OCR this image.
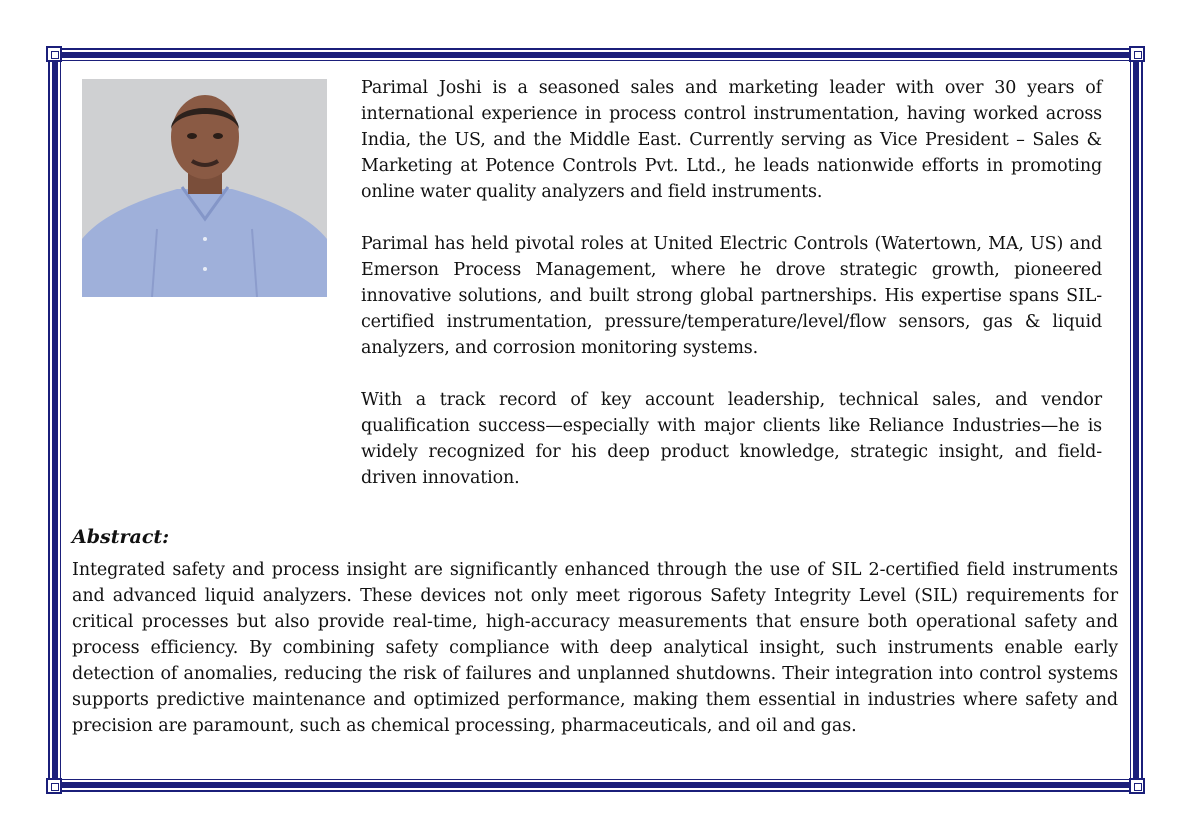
Parimal Joshi is a seasoned sales and marketing leader with over 30 years of international experience in process control instrumentation, having worked across India, the US, and the Middle East. Currently serving as Vice President – Sales & Marketing at Potence Controls Pvt. Ltd., he leads nationwide efforts in promoting online water quality analyzers and field instruments.

Parimal has held pivotal roles at United Electric Controls (Watertown, MA, US) and Emerson Process Management, where he drove strategic growth, pioneered innovative solutions, and built strong global partnerships. His expertise spans SIL-certified instrumentation, pressure/temperature/level/flow sensors, gas & liquid analyzers, and corrosion monitoring systems.

With a track record of key account leadership, technical sales, and vendor qualification success—especially with major clients like Reliance Industries—he is widely recognized for his deep product knowledge, strategic insight, and field-driven innovation.

Abstract:

Integrated safety and process insight are significantly enhanced through the use of SIL 2-certified field instruments and advanced liquid analyzers. These devices not only meet rigorous Safety Integrity Level (SIL) requirements for critical processes but also provide real-time, high-accuracy measurements that ensure both operational safety and process efficiency. By combining safety compliance with deep analytical insight, such instruments enable early detection of anomalies, reducing the risk of failures and unplanned shutdowns. Their integration into control systems supports predictive maintenance and optimized performance, making them essential in industries where safety and precision are paramount, such as chemical processing, pharmaceuticals, and oil and gas.
